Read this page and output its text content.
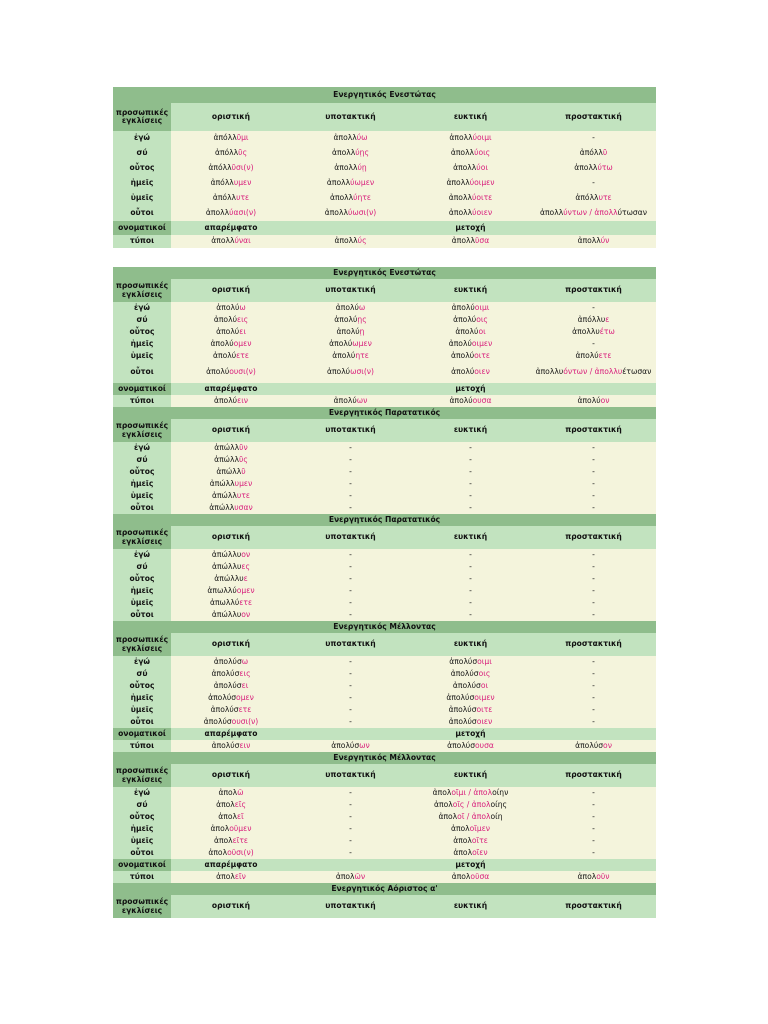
Ενεργητικός Ενεστώτας				
προσωπικές εγκλίσεις	οριστική	υποτακτική	ευκτική	προστακτική
ἐγώ	ἀπόλλῡμι	ἀπολλύω	ἀπολλύοιμι	-
σύ	ἀπόλλῡς	ἀπολλύῃς	ἀπολλύοις	ἀπόλλῡ
οὗτος	ἀπόλλῡσι(ν)	ἀπολλύῃ	ἀπολλύοι	ἀπολλύτω
ἡμεῖς	ἀπόλλυμεν	ἀπολλύωμεν	ἀπολλύοιμεν	-
ὑμεῖς	ἀπόλλυτε	ἀπολλύητε	ἀπολλύοιτε	ἀπόλλυτε
οὗτοι	ἀπολλύασι(ν)	ἀπολλύωσι(ν)	ἀπολλύοιεν	ἀπολλύντων / ἀπολλύτωσαν
ονοματικοί	απαρέμφατο		μετοχή	
τύποι	ἀπολλύναι	ἀπολλύς	ἀπολλῦσα	ἀπολλύν
Ενεργητικός Ενεστώτας				
προσωπικές εγκλίσεις	οριστική	υποτακτική	ευκτική	προστακτική
ἐγώ	ἀπολύω	ἀπολύω	ἀπολύοιμι	-
σύ	ἀπολύεις	ἀπολύῃς	ἀπολύοις	ἀπόλλυε
οὗτος	ἀπολύει	ἀπολύῃ	ἀπολύοι	ἀπολλυέτω
ἡμεῖς	ἀπολύομεν	ἀπολύωμεν	ἀπολύοιμεν	-
ὑμεῖς	ἀπολύετε	ἀπολύητε	ἀπολύοιτε	ἀπολύετε
οὗτοι	ἀπολύουσι(ν)	ἀπολύωσι(ν)	ἀπολύοιεν	ἀπολλυόντων / ἀπολλυέτωσαν
ονοματικοί	απαρέμφατο		μετοχή	
τύποι	ἀπολύειν	ἀπολύων	ἀπολύουσα	ἀπολύον
Ενεργητικός Παρατατικός				
προσωπικές εγκλίσεις	οριστική	υποτακτική	ευκτική	προστακτική
ἐγώ	ἀπώλλῡν	-	-	-
σύ	ἀπώλλῡς	-	-	-
οὗτος	ἀπώλλῡ	-	-	-
ἡμεῖς	ἀπώλλυμεν	-	-	-
ὑμεῖς	ἀπώλλυτε	-	-	-
οὗτοι	ἀπώλλυσαν	-	-	-
Ενεργητικός Παρατατικός				
προσωπικές εγκλίσεις	οριστική	υποτακτική	ευκτική	προστακτική
ἐγώ	ἀπώλλυον	-	-	-
σύ	ἀπώλλυες	-	-	-
οὗτος	ἀπώλλυε	-	-	-
ἡμεῖς	ἀπωλλύομεν	-	-	-
ὑμεῖς	ἀπωλλύετε	-	-	-
οὗτοι	ἀπώλλυον	-	-	-
Ενεργητικός Μέλλοντας				
προσωπικές εγκλίσεις	οριστική	υποτακτική	ευκτική	προστακτική
ἐγώ	ἀπολύσω	-	ἀπολύσοιμι	-
σύ	ἀπολύσεις	-	ἀπολύσοις	-
οὗτος	ἀπολύσει	-	ἀπολύσοι	-
ἡμεῖς	ἀπολύσομεν	-	ἀπολύσοιμεν	-
ὑμεῖς	ἀπολύσετε	-	ἀπολύσοιτε	-
οὗτοι	ἀπολύσουσι(ν)	-	ἀπολύσοιεν	-
ονοματικοί	απαρέμφατο		μετοχή	
τύποι	ἀπολύσειν	ἀπολύσων	ἀπολύσουσα	ἀπολύσον
Ενεργητικός Μέλλοντας				
προσωπικές εγκλίσεις	οριστική	υποτακτική	ευκτική	προστακτική
ἐγώ	ἀπολῶ	-	ἀπολοῖμι / ἀπολοίην	-
σύ	ἀπολεῖς	-	ἀπολοῖς / ἀπολοίης	-
οὗτος	ἀπολεῖ	-	ἀπολοῖ / ἀπολοίη	-
ἡμεῖς	ἀπολοῦμεν	-	ἀπολοῖμεν	-
ὑμεῖς	ἀπολεῖτε	-	ἀπολοῖτε	-
οὗτοι	ἀπολοῦσι(ν)	-	ἀπολοῖεν	-
ονοματικοί	απαρέμφατο		μετοχή	
τύποι	ἀπολεῖν	ἀπολῶν	ἀπολοῦσα	ἀπολοῦν
Ενεργητικός Αόριστος α'
προσωπικές εγκλίσεις	οριστική	υποτακτική	ευκτική	προστακτική
